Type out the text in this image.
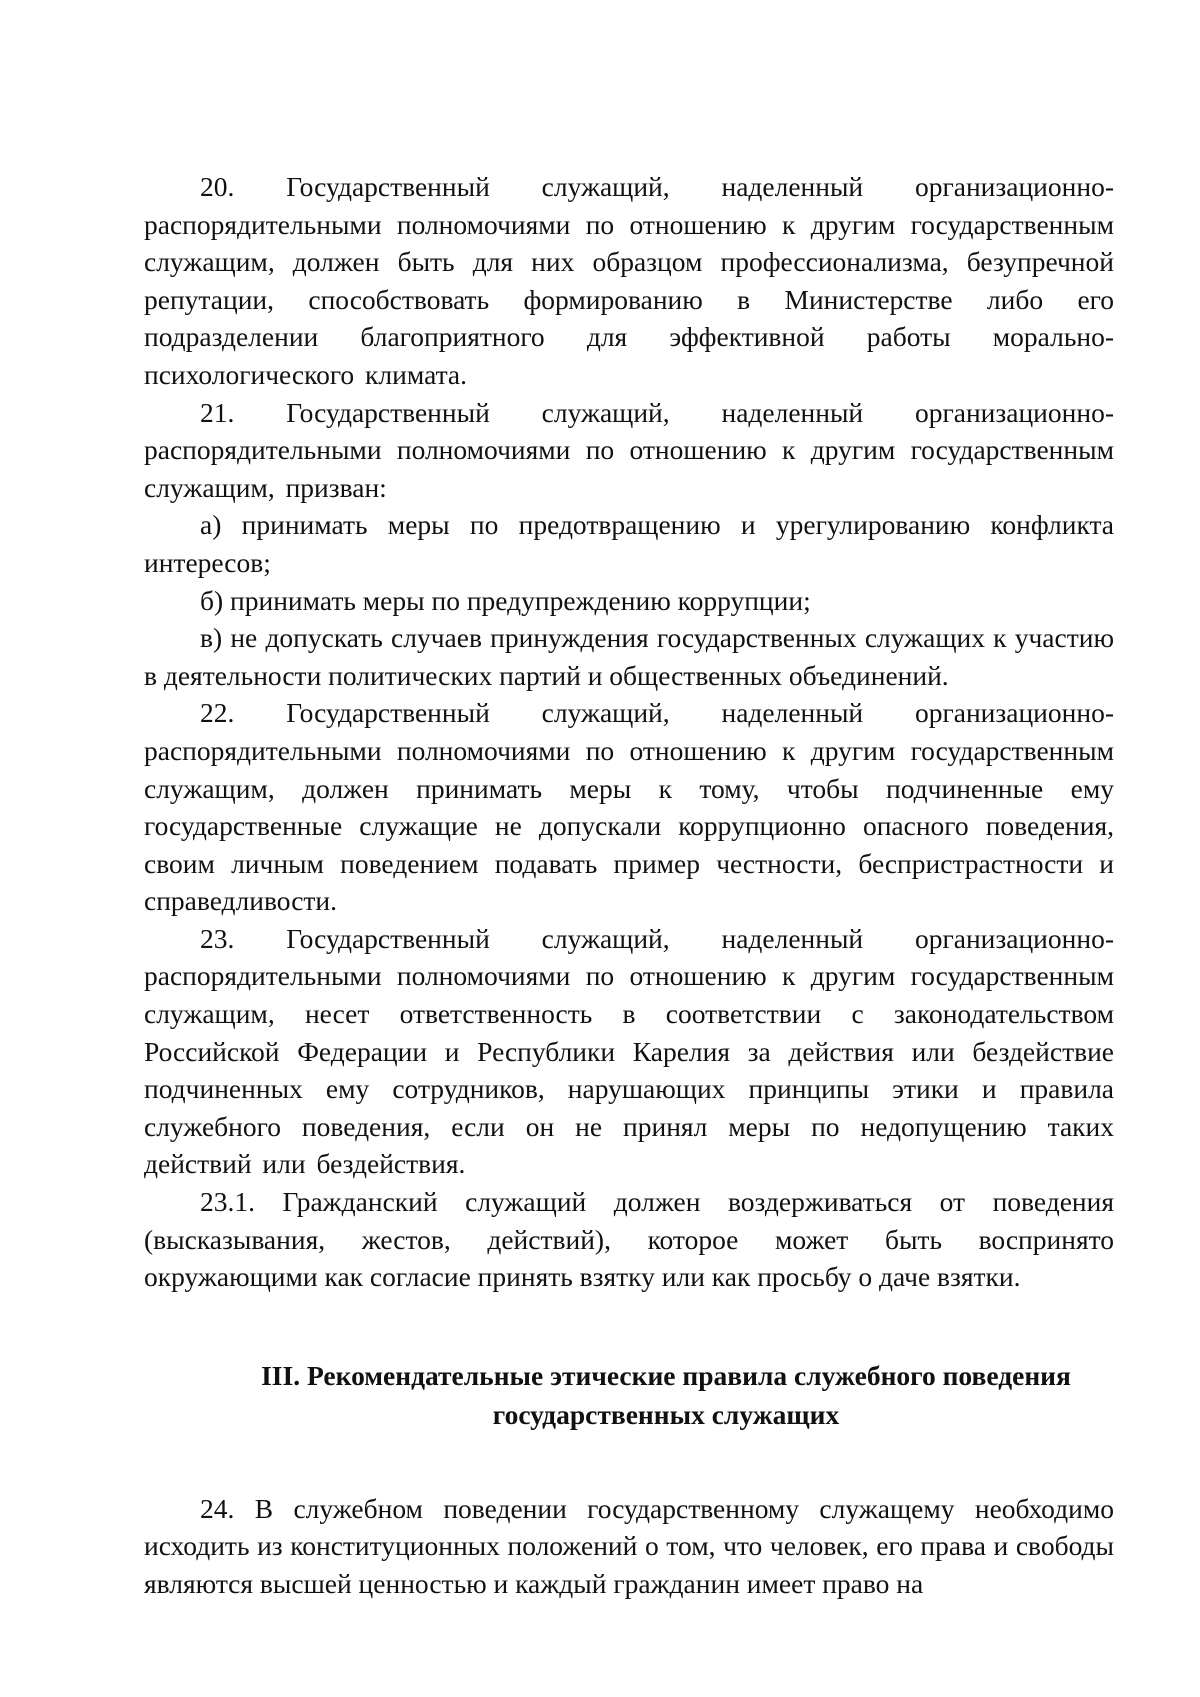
20. Государственный служащий, наделенный организационно-распорядительными полномочиями по отношению к другим государственным служащим, должен быть для них образцом профессионализма, безупречной репутации, способствовать формированию в Министерстве либо его подразделении благоприятного для эффективной работы морально-психологического климата.

21. Государственный служащий, наделенный организационно-распорядительными полномочиями по отношению к другим государственным служащим, призван:

а) принимать меры по предотвращению и урегулированию конфликта интересов;

б) принимать меры по предупреждению коррупции;

в) не допускать случаев принуждения государственных служащих к участию в деятельности политических партий и общественных объединений.

22. Государственный служащий, наделенный организационно-распорядительными полномочиями по отношению к другим государственным служащим, должен принимать меры к тому, чтобы подчиненные ему государственные служащие не допускали коррупционно опасного поведения, своим личным поведением подавать пример честности, беспристрастности и справедливости.

23. Государственный служащий, наделенный организационно-распорядительными полномочиями по отношению к другим государственным служащим, несет ответственность в соответствии с законодательством Российской Федерации и Республики Карелия за действия или бездействие подчиненных ему сотрудников, нарушающих принципы этики и правила служебного поведения, если он не принял меры по недопущению таких действий или бездействия.

23.1. Гражданский служащий должен воздерживаться от поведения (высказывания, жестов, действий), которое может быть воспринято окружающими как согласие принять взятку или как просьбу о даче взятки.

III. Рекомендательные этические правила служебного поведения
государственных служащих

24. В служебном поведении государственному служащему необходимо исходить из конституционных положений о том, что человек, его права и свободы являются высшей ценностью и каждый гражданин имеет право на
